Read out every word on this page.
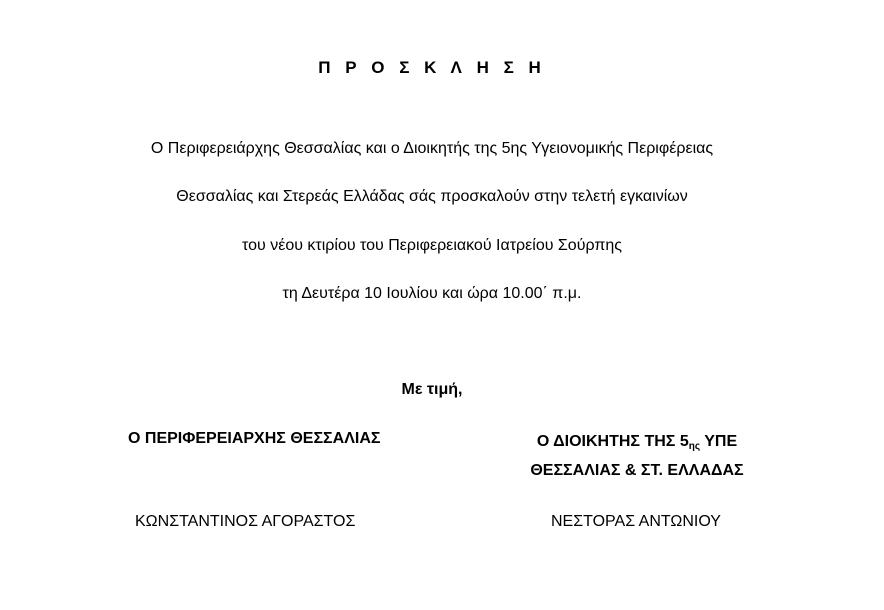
Π Ρ Ο Σ Κ Λ Η Σ Η
Ο Περιφερειάρχης Θεσσαλίας και ο Διοικητής της 5ης Υγειονομικής Περιφέρειας
Θεσσαλίας και Στερεάς Ελλάδας σάς προσκαλούν στην τελετή εγκαινίων
του νέου κτιρίου του Περιφερειακού Ιατρείου Σούρπης
τη Δευτέρα 10 Ιουλίου και ώρα 10.00΄ π.μ.
Με τιμή,
Ο ΠΕΡΙΦΕΡΕΙΑΡΧΗΣ ΘΕΣΣΑΛΙΑΣ	Ο ΔΙΟΙΚΗΤΗΣ ΤΗΣ $5_{\eta\varsigma}$ ΥΠΕ
ΘΕΣΣΑΛΙΑΣ & ΣΤ. ΕΛΛΑΔΑΣ
ΚΩΝΣΤΑΝΤΙΝΟΣ ΑΓΟΡΑΣΤΟΣ	ΝΕΣΤΟΡΑΣ ΑΝΤΩΝΙΟΥ
